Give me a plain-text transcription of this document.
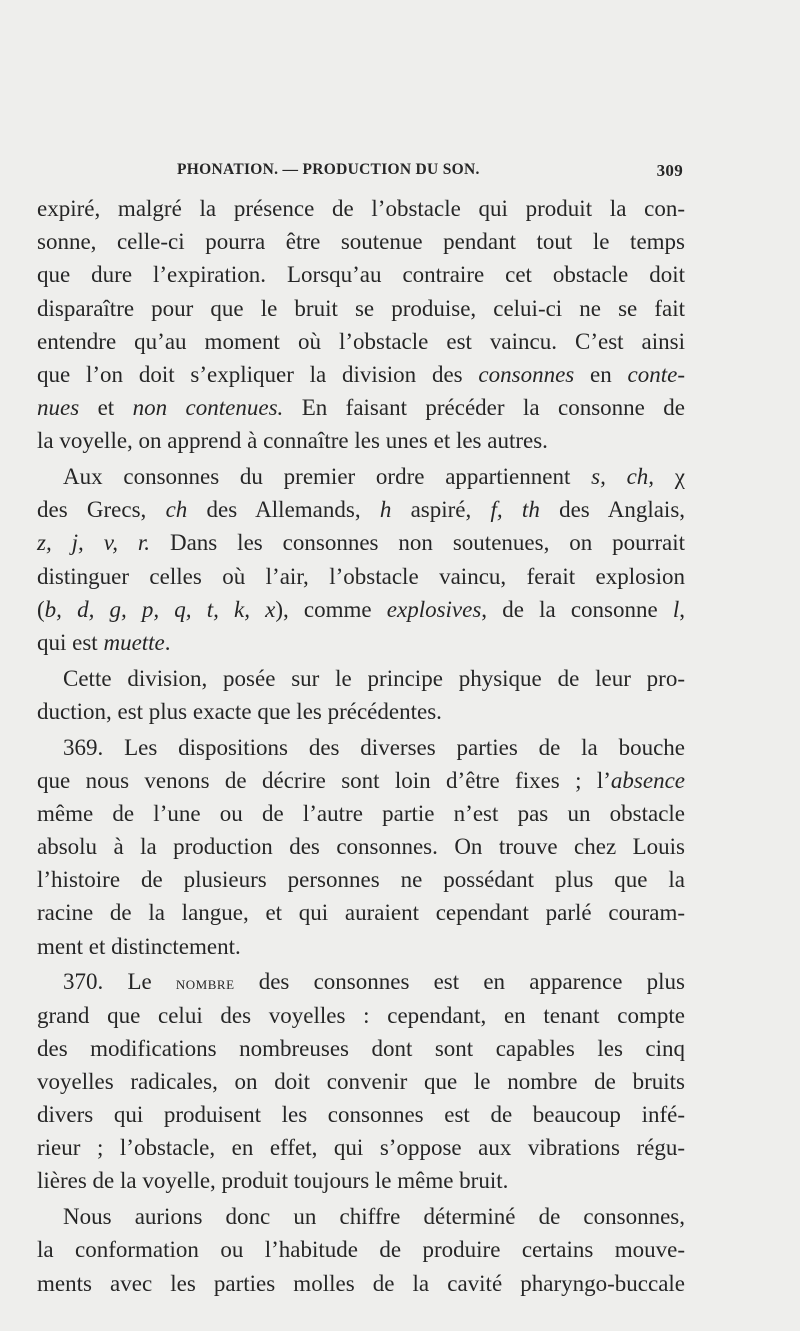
PHONATION. — PRODUCTION DU SON.	309
expiré, malgré la présence de l’obstacle qui produit la con-
sonne, celle-ci pourra être soutenue pendant tout le temps
que dure l’expiration. Lorsqu’au contraire cet obstacle doit
disparaître pour que le bruit se produise, celui-ci ne se fait
entendre qu’au moment où l’obstacle est vaincu. C’est ainsi
que l’on doit s’expliquer la division des consonnes en conte-
nues et non contenues. En faisant précéder la consonne de
la voyelle, on apprend à connaître les unes et les autres.
Aux consonnes du premier ordre appartiennent s, ch, χ
des Grecs, ch des Allemands, h aspiré, f, th des Anglais,
z, j, v, r. Dans les consonnes non soutenues, on pourrait
distinguer celles où l’air, l’obstacle vaincu, ferait explosion
(b, d, g, p, q, t, k, x), comme explosives, de la consonne l,
qui est muette.
Cette division, posée sur le principe physique de leur pro-
duction, est plus exacte que les précédentes.
369. Les dispositions des diverses parties de la bouche
que nous venons de décrire sont loin d’être fixes ; l’absence
même de l’une ou de l’autre partie n’est pas un obstacle
absolu à la production des consonnes. On trouve chez Louis
l’histoire de plusieurs personnes ne possédant plus que la
racine de la langue, et qui auraient cependant parlé couram-
ment et distinctement.
370. Le nombre des consonnes est en apparence plus
grand que celui des voyelles : cependant, en tenant compte
des modifications nombreuses dont sont capables les cinq
voyelles radicales, on doit convenir que le nombre de bruits
divers qui produisent les consonnes est de beaucoup infé-
rieur ; l’obstacle, en effet, qui s’oppose aux vibrations régu-
lières de la voyelle, produit toujours le même bruit.
Nous aurions donc un chiffre déterminé de consonnes,
la conformation ou l’habitude de produire certains mouve-
ments avec les parties molles de la cavité pharyngo-buccale
